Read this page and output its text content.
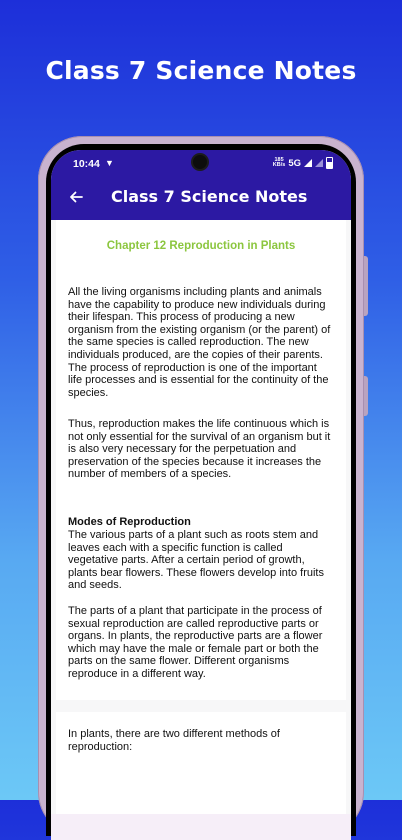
Class 7 Science Notes
10:44 ▼	185
KB/s 5G
Class 7 Science Notes
Chapter 12 Reproduction in Plants
All the living organisms including plants and animals have the capability to produce new individuals during their lifespan. This process of producing a new organism from the existing organism (or the parent) of the same species is called reproduction. The new individuals produced, are the copies of their parents. The process of reproduction is one of the important life processes and is essential for the continuity of the species.
Thus, reproduction makes the life continuous which is not only essential for the survival of an organism but it is also very necessary for the perpetuation and preservation of the species because it increases the number of members of a species.
Modes of Reproduction
The various parts of a plant such as roots stem and leaves each with a specific function is called vegetative parts. After a certain period of growth, plants bear flowers. These flowers develop into fruits and seeds.
The parts of a plant that participate in the process of sexual reproduction are called reproductive parts or organs. In plants, the reproductive parts are a flower which may have the male or female part or both the parts on the same flower. Different organisms reproduce in a different way.
In plants, there are two different methods of reproduction:
